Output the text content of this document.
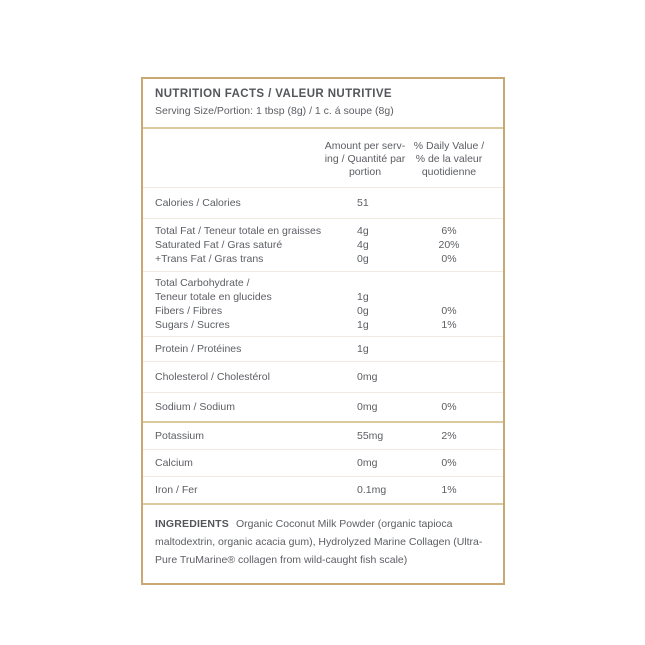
NUTRITION FACTS / VALEUR NUTRITIVE
Serving Size/Portion: 1 tbsp (8g) / 1 c. á soupe (8g)
Amount per serv-
ing / Quantité par
portion
% Daily Value /
% de la valeur
quotidienne
Calories / Calories	51
Total Fat / Teneur totale en graisses	4g	6%
Saturated Fat / Gras saturé	4g	20%
+Trans Fat / Gras trans	0g	0%
Total Carbohydrate /
Teneur totale en glucides	1g
Fibers / Fibres	0g	0%
Sugars / Sucres	1g	1%
Protein / Protéines	1g
Cholesterol / Cholestérol	0mg
Sodium / Sodium	0mg	0%
Potassium	55mg	2%
Calcium	0mg	0%
Iron / Fer	0.1mg	1%
INGREDIENTS Organic Coconut Milk Powder (organic tapioca maltodextrin, organic acacia gum), Hydrolyzed Marine Collagen (Ultra-Pure TruMarine® collagen from wild-caught fish scale)
